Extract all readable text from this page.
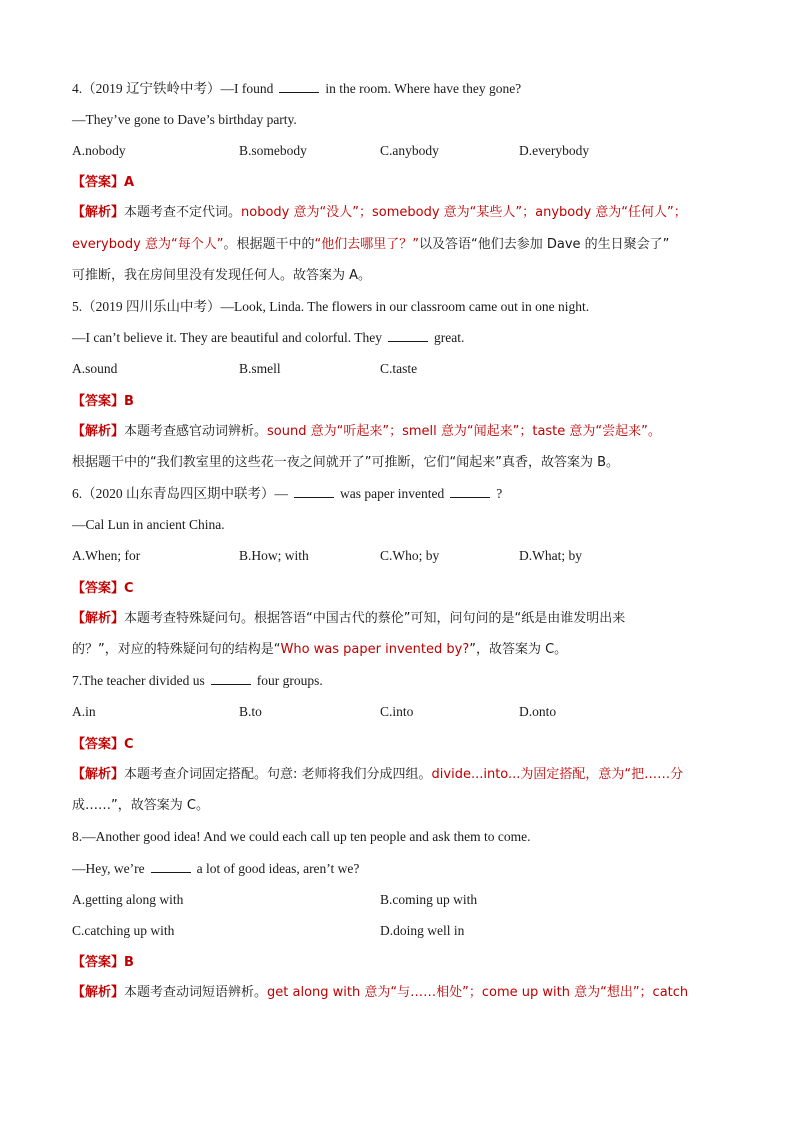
4.（2019 辽宁铁岭中考）—I found	in the room. Where have they gone?
—They’ve gone to Dave’s birthday party.
A.nobody	B.somebody	C.anybody	D.everybody
【答案】A
【解析】本题考查不定代词。nobody 意为“没人”；somebody 意为“某些人”；anybody 意为“任何人”；
everybody 意为“每个人”。根据题干中的“他们去哪里了？”以及答语“他们去参加 Dave 的生日聚会了”
可推断，我在房间里没有发现任何人。故答案为 A。
5.（2019 四川乐山中考）—Look, Linda. The flowers in our classroom came out in one night.
—I can’t believe it. They are beautiful and colorful. They	great.
A.sound	B.smell	C.taste
【答案】B
【解析】本题考查感官动词辨析。sound 意为“听起来”；smell 意为“闻起来”；taste 意为“尝起来”。
根据题干中的“我们教室里的这些花一夜之间就开了”可推断，它们“闻起来”真香，故答案为 B。
6.（2020 山东青岛四区期中联考）—	was paper invented	?
—Cal Lun in ancient China.
A.When; for	B.How; with	C.Who; by	D.What; by
【答案】C
【解析】本题考查特殊疑问句。根据答语“中国古代的蔡伦”可知，问句问的是“纸是由谁发明出来
的？”，对应的特殊疑问句的结构是“Who was paper invented by?”，故答案为 C。
7.The teacher divided us	four groups.
A.in	B.to	C.into	D.onto
【答案】C
【解析】本题考查介词固定搭配。句意: 老师将我们分成四组。divide...into...为固定搭配，意为“把……分
成……”，故答案为 C。
8.—Another good idea! And we could each call up ten people and ask them to come.
—Hey, we’re	a lot of good ideas, aren’t we?
A.getting along with	B.coming up with
C.catching up with	D.doing well in
【答案】B
【解析】本题考查动词短语辨析。get along with 意为“与……相处”；come up with 意为“想出”；catch
